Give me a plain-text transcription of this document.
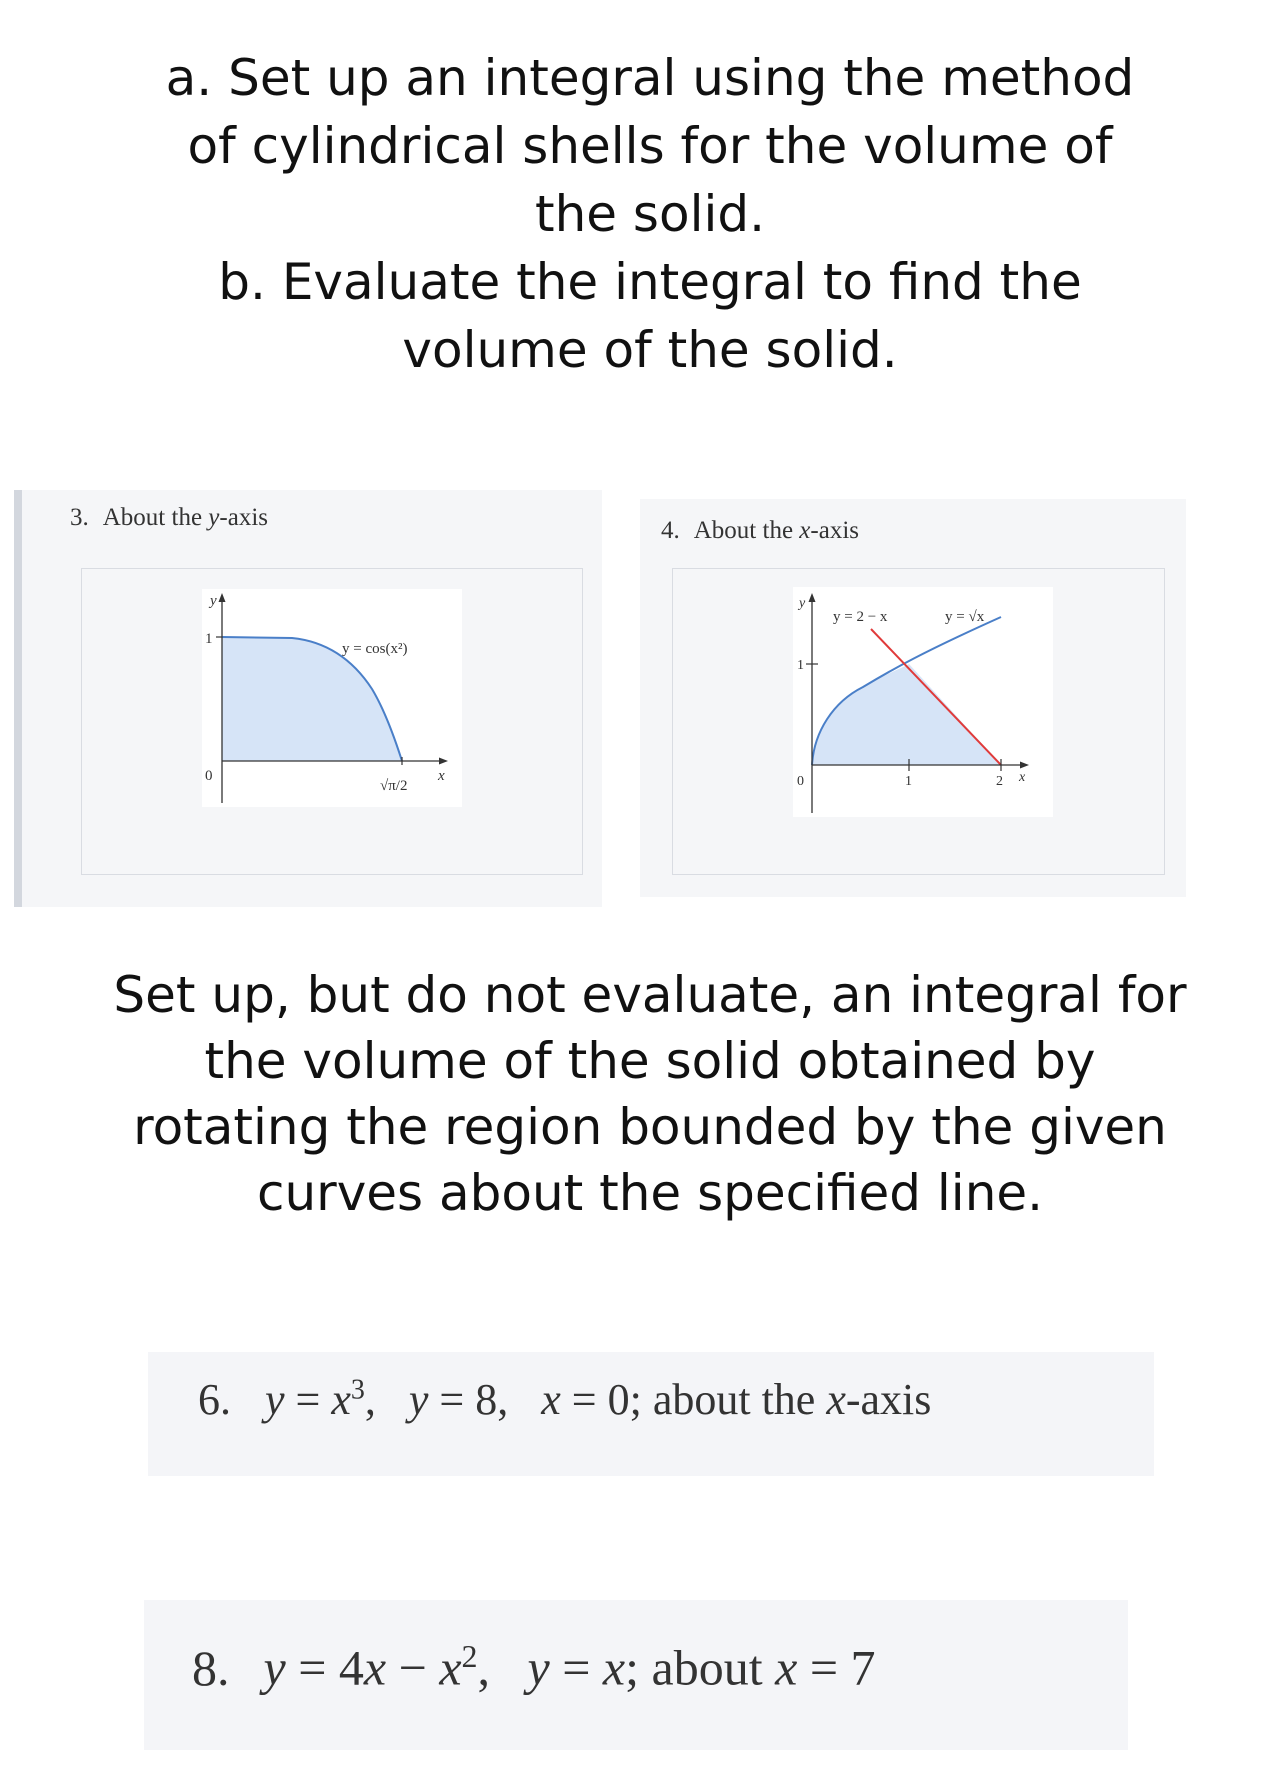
a. Set up an integral using the method
of cylindrical shells for the volume of
the solid.
b. Evaluate the integral to find the
volume of the solid.
3. About the y-axis
y
x
1
0
y = cos(x²)
√π/2
4. About the x-axis
y
x
1
0	1	2
y = 2 − x	y = √x
Set up, but do not evaluate, an integral for
the volume of the solid obtained by
rotating the region bounded by the given
curves about the specified line.
6. $y = x^3$,   y = 8,   x = 0; about the x-axis
8. $y = 4x - x^2$,   y = x; about x = 7
